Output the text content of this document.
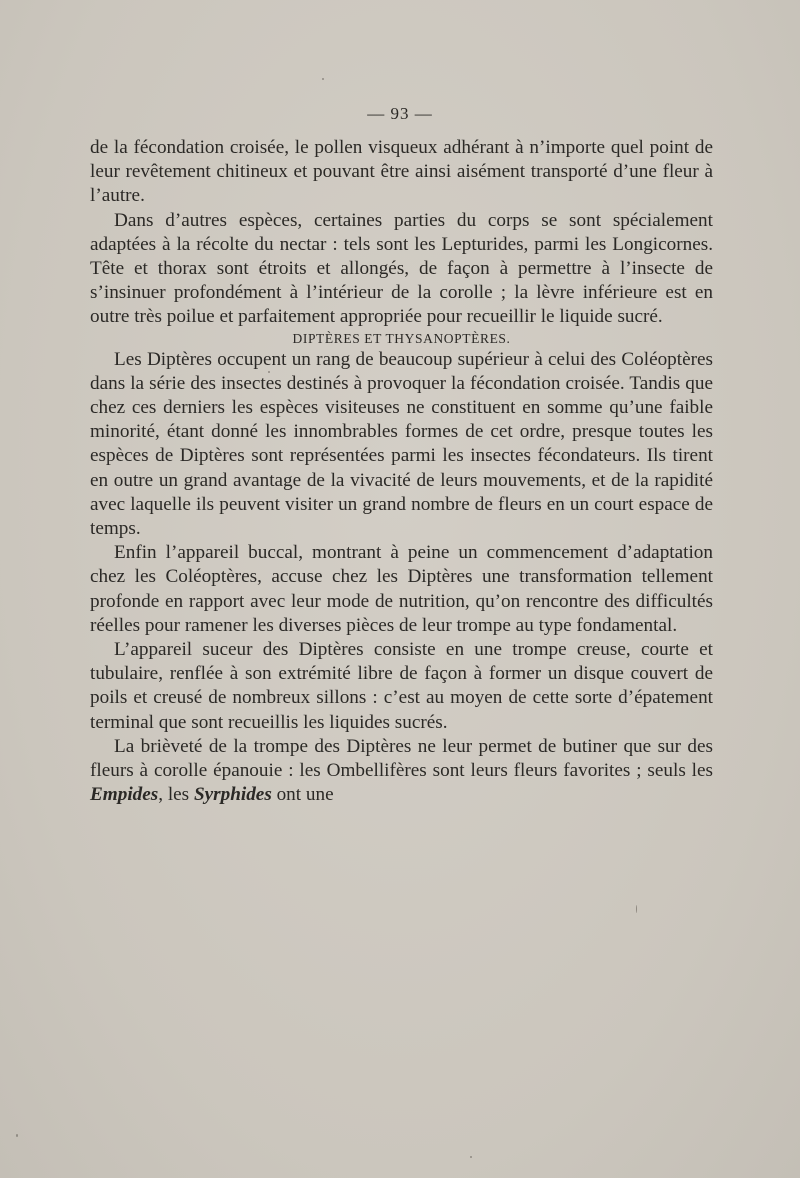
— 93 —

de la fécondation croisée, le pollen visqueux adhérant à n’importe quel point de leur revêtement chitineux et pouvant être ainsi aisément transporté d’une fleur à l’autre.

Dans d’autres espèces, certaines parties du corps se sont spécialement adaptées à la récolte du nectar : tels sont les Lepturides, parmi les Longicornes. Tête et thorax sont étroits et allongés, de façon à permettre à l’insecte de s’insinuer profondément à l’intérieur de la corolle ; la lèvre inférieure est en outre très poilue et parfaitement appropriée pour recueillir le liquide sucré.

DIPTÈRES ET THYSANOPTÈRES.

Les Diptères occupent un rang de beaucoup supérieur à celui des Coléoptères dans la série des insectes destinés à provoquer la fécondation croisée. Tandis que chez ces derniers les espèces visiteuses ne constituent en somme qu’une faible minorité, étant donné les innombrables formes de cet ordre, presque toutes les espèces de Diptères sont représentées parmi les insectes fécondateurs. Ils tirent en outre un grand avantage de la vivacité de leurs mouvements, et de la rapidité avec laquelle ils peuvent visiter un grand nombre de fleurs en un court espace de temps.

Enfin l’appareil buccal, montrant à peine un commencement d’adaptation chez les Coléoptères, accuse chez les Diptères une transformation tellement profonde en rapport avec leur mode de nutrition, qu’on rencontre des difficultés réelles pour ramener les diverses pièces de leur trompe au type fondamental.

L’appareil suceur des Diptères consiste en une trompe creuse, courte et tubulaire, renflée à son extrémité libre de façon à former un disque couvert de poils et creusé de nombreux sillons : c’est au moyen de cette sorte d’épatement terminal que sont recueillis les liquides sucrés.

La brièveté de la trompe des Diptères ne leur permet de butiner que sur des fleurs à corolle épanouie : les Ombellifères sont leurs fleurs favorites ; seuls les Empides, les Syrphides ont une
